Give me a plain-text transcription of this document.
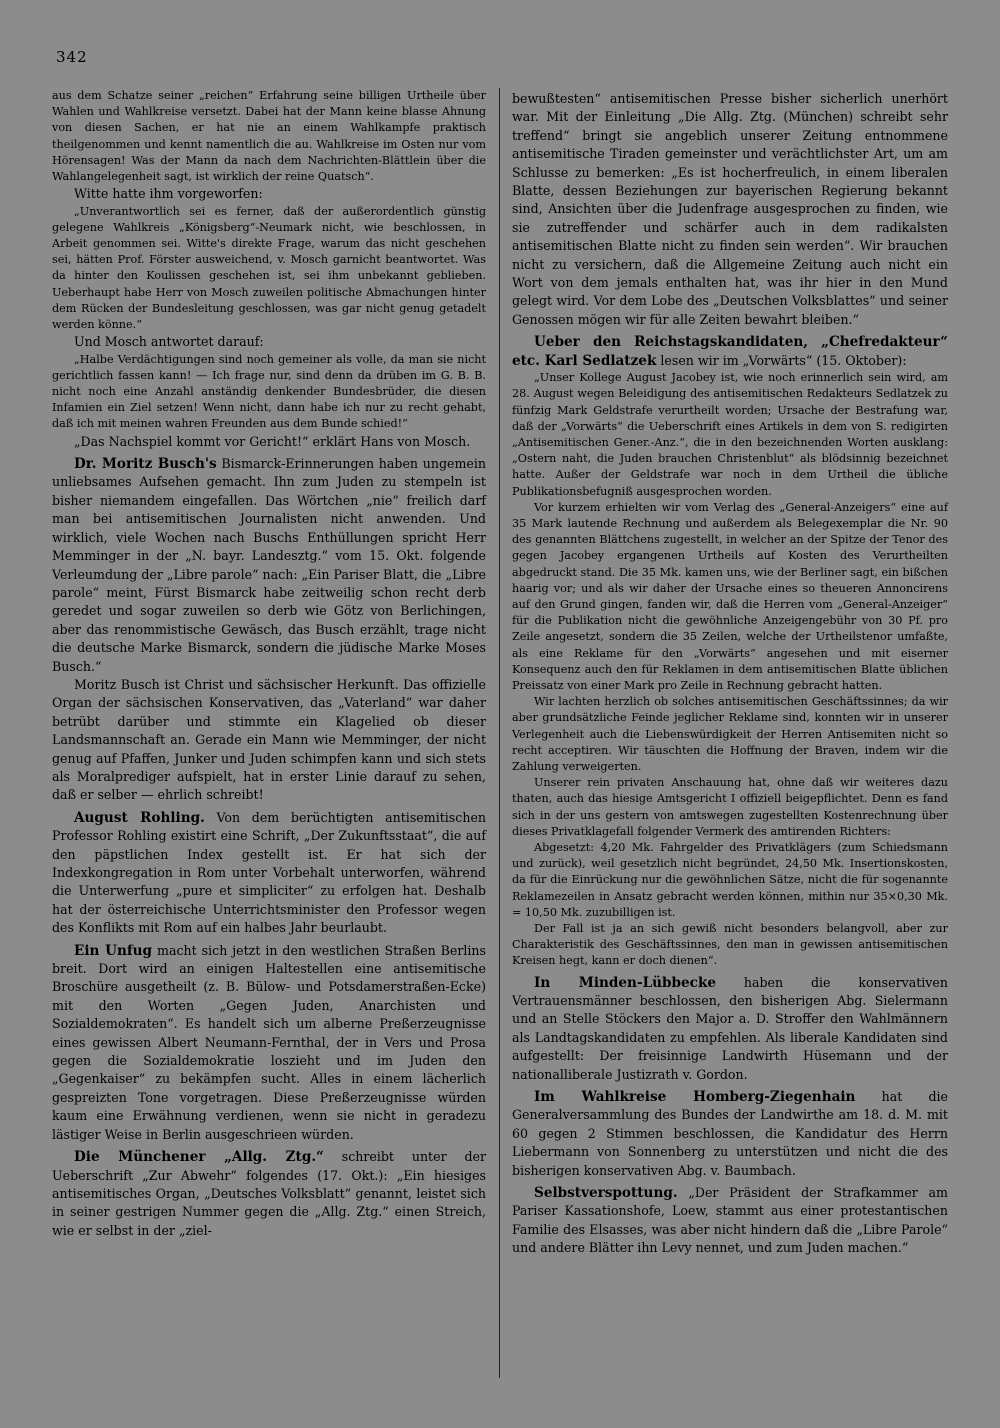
342

aus dem Schatze seiner „reichen“ Erfahrung seine billigen Urtheile über Wahlen und Wahlkreise versetzt. Dabei hat der Mann keine blasse Ahnung von diesen Sachen, er hat nie an einem Wahlkampfe praktisch theilgenommen und kennt namentlich die au. Wahlkreise im Osten nur vom Hörensagen! Was der Mann da nach dem Nachrichten-Blättlein über die Wahlangelegenheit sagt, ist wirklich der reine Quatsch“.

Witte hatte ihm vorgeworfen:

„Unverantwortlich sei es ferner, daß der außerordentlich günstig gelegene Wahlkreis „Königsberg“-Neumark nicht, wie beschlossen, in Arbeit genommen sei. Witte's direkte Frage, warum das nicht geschehen sei, hätten Prof. Förster ausweichend, v. Mosch garnicht beantwortet. Was da hinter den Koulissen geschehen ist, sei ihm unbekannt geblieben. Ueberhaupt habe Herr von Mosch zuweilen politische Abmachungen hinter dem Rücken der Bundesleitung geschlossen, was gar nicht genug getadelt werden könne.“

Und Mosch antwortet darauf:

„Halbe Verdächtigungen sind noch gemeiner als volle, da man sie nicht gerichtlich fassen kann! — Ich frage nur, sind denn da drüben im G. B. B. nicht noch eine Anzahl anständig denkender Bundesbrüder, die diesen Infamien ein Ziel setzen! Wenn nicht, dann habe ich nur zu recht gehabt, daß ich mit meinen wahren Freunden aus dem Bunde schied!“

„Das Nachspiel kommt vor Gericht!“ erklärt Hans von Mosch.

Dr. Moritz Busch's Bismarck-Erinnerungen haben ungemein unliebsames Aufsehen gemacht. Ihn zum Juden zu stempeln ist bisher niemandem eingefallen. Das Wörtchen „nie“ freilich darf man bei antisemitischen Journalisten nicht anwenden. Und wirklich, viele Wochen nach Buschs Enthüllungen spricht Herr Memminger in der „N. bayr. Landesztg.“ vom 15. Okt. folgende Verleumdung der „Libre parole“ nach: „Ein Pariser Blatt, die „Libre parole“ meint, Fürst Bismarck habe zeitweilig schon recht derb geredet und sogar zuweilen so derb wie Götz von Berlichingen, aber das renommistische Gewäsch, das Busch erzählt, trage nicht die deutsche Marke Bismarck, sondern die jüdische Marke Moses Busch.“

Moritz Busch ist Christ und sächsischer Herkunft. Das offizielle Organ der sächsischen Konservativen, das „Vaterland“ war daher betrübt darüber und stimmte ein Klagelied ob dieser Landsmannschaft an. Gerade ein Mann wie Memminger, der nicht genug auf Pfaffen, Junker und Juden schimpfen kann und sich stets als Moralprediger aufspielt, hat in erster Linie darauf zu sehen, daß er selber — ehrlich schreibt!

August Rohling. Von dem berüchtigten antisemitischen Professor Rohling existirt eine Schrift, „Der Zukunftsstaat“, die auf den päpstlichen Index gestellt ist. Er hat sich der Indexkongregation in Rom unter Vorbehalt unterworfen, während die Unterwerfung „pure et simpliciter“ zu erfolgen hat. Deshalb hat der österreichische Unterrichtsminister den Professor wegen des Konflikts mit Rom auf ein halbes Jahr beurlaubt.

Ein Unfug macht sich jetzt in den westlichen Straßen Berlins breit. Dort wird an einigen Haltestellen eine antisemitische Broschüre ausgetheilt (z. B. Bülow- und Potsdamerstraßen-Ecke) mit den Worten „Gegen Juden, Anarchisten und Sozialdemokraten“. Es handelt sich um alberne Preßerzeugnisse eines gewissen Albert Neumann-Fernthal, der in Vers und Prosa gegen die Sozialdemokratie loszieht und im Juden den „Gegenkaiser“ zu bekämpfen sucht. Alles in einem lächerlich gespreizten Tone vorgetragen. Diese Preßerzeugnisse würden kaum eine Erwähnung verdienen, wenn sie nicht in geradezu lästiger Weise in Berlin ausgeschrieen würden.

Die Münchener „Allg. Ztg.“ schreibt unter der Ueberschrift „Zur Abwehr“ folgendes (17. Okt.): „Ein hiesiges antisemitisches Organ, „Deutsches Volksblatt“ genannt, leistet sich in seiner gestrigen Nummer gegen die „Allg. Ztg.“ einen Streich, wie er selbst in der „ziel-

bewußtesten“ antisemitischen Presse bisher sicherlich unerhört war. Mit der Einleitung „Die Allg. Ztg. (München) schreibt sehr treffend“ bringt sie angeblich unserer Zeitung entnommene antisemitische Tiraden gemeinster und verächtlichster Art, um am Schlusse zu bemerken: „Es ist hocherfreulich, in einem liberalen Blatte, dessen Beziehungen zur bayerischen Regierung bekannt sind, Ansichten über die Judenfrage ausgesprochen zu finden, wie sie zutreffender und schärfer auch in dem radikalsten antisemitischen Blatte nicht zu finden sein werden“. Wir brauchen nicht zu versichern, daß die Allgemeine Zeitung auch nicht ein Wort von dem jemals enthalten hat, was ihr hier in den Mund gelegt wird. Vor dem Lobe des „Deutschen Volksblattes“ und seiner Genossen mögen wir für alle Zeiten bewahrt bleiben.“

Ueber den Reichstagskandidaten, „Chefredakteur“ etc. Karl Sedlatzek lesen wir im „Vorwärts“ (15. Oktober):

„Unser Kollege August Jacobey ist, wie noch erinnerlich sein wird, am 28. August wegen Beleidigung des antisemitischen Redakteurs Sedlatzek zu fünfzig Mark Geldstrafe verurtheilt worden; Ursache der Bestrafung war, daß der „Vorwärts“ die Ueberschrift eines Artikels in dem von S. redigirten „Antisemitischen Gener.-Anz.“, die in den bezeichnenden Worten ausklang: „Ostern naht, die Juden brauchen Christenblut“ als blödsinnig bezeichnet hatte. Außer der Geldstrafe war noch in dem Urtheil die übliche Publikationsbefugniß ausgesprochen worden.

Vor kurzem erhielten wir vom Verlag des „General-Anzeigers“ eine auf 35 Mark lautende Rechnung und außerdem als Belegexemplar die Nr. 90 des genannten Blättchens zugestellt, in welcher an der Spitze der Tenor des gegen Jacobey ergangenen Urtheils auf Kosten des Verurtheilten abgedruckt stand. Die 35 Mk. kamen uns, wie der Berliner sagt, ein bißchen haarig vor; und als wir daher der Ursache eines so theueren Annoncirens auf den Grund gingen, fanden wir, daß die Herren vom „General-Anzeiger“ für die Publikation nicht die gewöhnliche Anzeigengebühr von 30 Pf. pro Zeile angesetzt, sondern die 35 Zeilen, welche der Urtheilstenor umfaßte, als eine Reklame für den „Vorwärts“ angesehen und mit eiserner Konsequenz auch den für Reklamen in dem antisemitischen Blatte üblichen Preissatz von einer Mark pro Zeile in Rechnung gebracht hatten.

Wir lachten herzlich ob solches antisemitischen Geschäftssinnes; da wir aber grundsätzliche Feinde jeglicher Reklame sind, konnten wir in unserer Verlegenheit auch die Liebenswürdigkeit der Herren Antisemiten nicht so recht acceptiren. Wir täuschten die Hoffnung der Braven, indem wir die Zahlung verweigerten.

Unserer rein privaten Anschauung hat, ohne daß wir weiteres dazu thaten, auch das hiesige Amtsgericht I offiziell beigepflichtet. Denn es fand sich in der uns gestern von amtswegen zugestellten Kostenrechnung über dieses Privatklagefall folgender Vermerk des amtirenden Richters:

Abgesetzt: 4,20 Mk. Fahrgelder des Privatklägers (zum Schiedsmann und zurück), weil gesetzlich nicht begründet, 24,50 Mk. Insertionskosten, da für die Einrückung nur die gewöhnlichen Sätze, nicht die für sogenannte Reklamezeilen in Ansatz gebracht werden können, mithin nur 35×0,30 Mk. = 10,50 Mk. zuzubilligen ist.

Der Fall ist ja an sich gewiß nicht besonders belangvoll, aber zur Charakteristik des Geschäftssinnes, den man in gewissen antisemitischen Kreisen hegt, kann er doch dienen“.

In Minden-Lübbecke haben die konservativen Vertrauensmänner beschlossen, den bisherigen Abg. Sielermann und an Stelle Stöckers den Major a. D. Stroffer den Wahlmännern als Landtagskandidaten zu empfehlen. Als liberale Kandidaten sind aufgestellt: Der freisinnige Landwirth Hüsemann und der nationalliberale Justizrath v. Gordon.

Im Wahlkreise Homberg-Ziegenhain hat die Generalversammlung des Bundes der Landwirthe am 18. d. M. mit 60 gegen 2 Stimmen beschlossen, die Kandidatur des Herrn Liebermann von Sonnenberg zu unterstützen und nicht die des bisherigen konservativen Abg. v. Baumbach.

Selbstverspottung. „Der Präsident der Strafkammer am Pariser Kassationshofe, Loew, stammt aus einer protestantischen Familie des Elsasses, was aber nicht hindern daß die „Libre Parole“ und andere Blätter ihn Levy nennet, und zum Juden machen.“
